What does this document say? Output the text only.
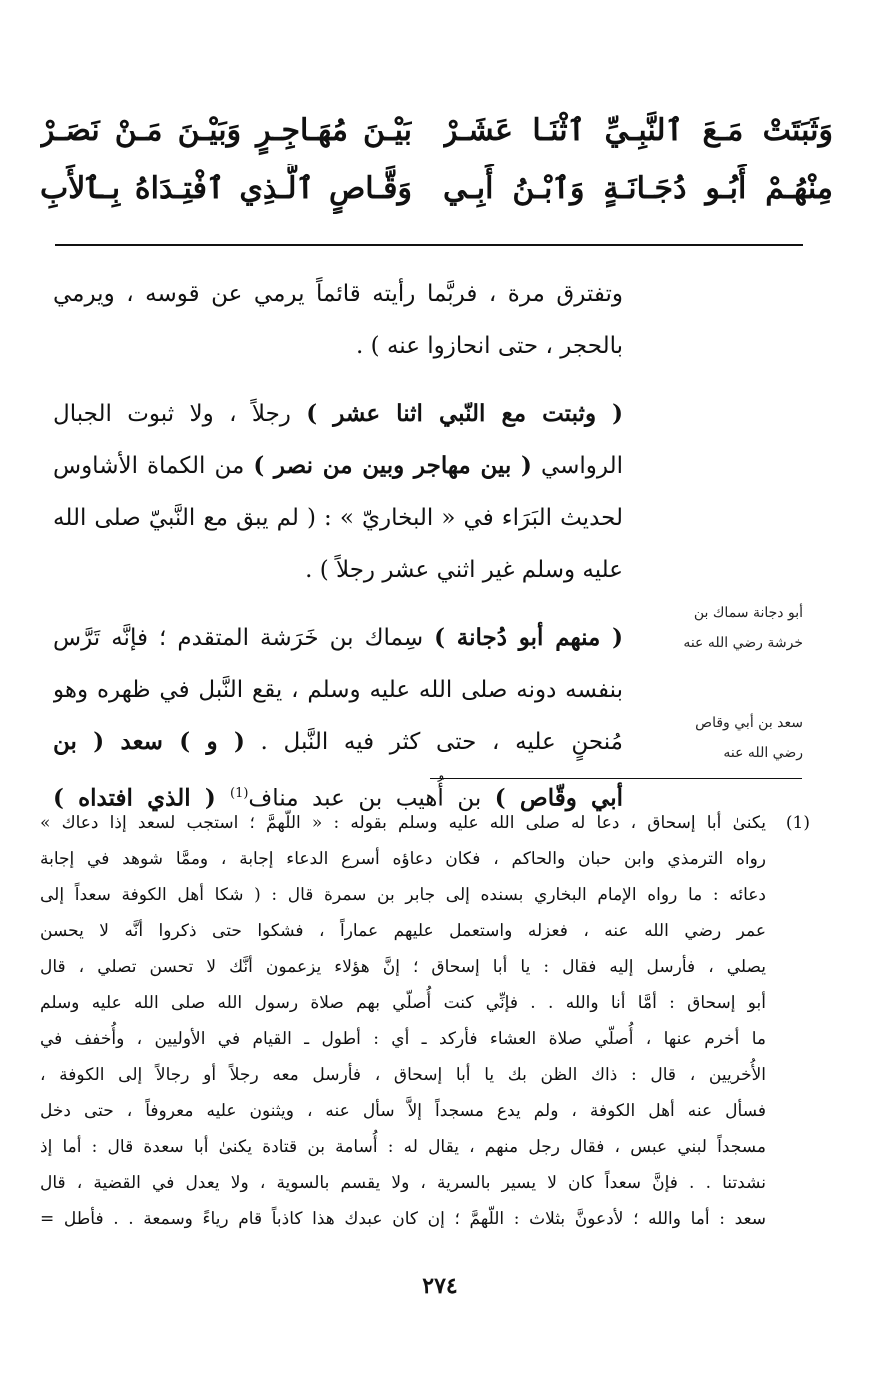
وَثَبَتَتْ مَـعَ ٱلنَّبِـيِّ ٱثْنَـا عَشَـرْ
بَيْـنَ مُهَـاجِـرٍ وَبَيْـنَ مَـنْ نَصَـرْ
مِنْهُـمْ أَبُـو دُجَـانَـةٍ وَٱبْـنُ أَبِـي
وَقَّـاصٍ ٱلَّـذِي ٱفْتِـدَاهُ بِـٱلأَبِ

وتفترق مرة ، فربَّما رأيته قائماً يرمي عن قوسه ، ويرمي
بالحجر ، حتى انحازوا عنه ) .

( وثبتت مع النّبي اثنا عشر ) رجلاً ، ولا ثبوت الجبال
الرواسي ( بين مهاجر وبين من نصر ) من الكماة الأشاوس
لحديث البَرَاء في « البخاريّ » : ( لم يبق مع النَّبيّ صلى الله
عليه وسلم غير اثني عشر رجلاً ) .

( منهم أبو دُجانة ) سِماك بن خَرَشة المتقدم ؛ فإنَّه تَرَّس
بنفسه دونه صلى الله عليه وسلم ، يقع النَّبل في ظهره وهو
مُنحنٍ عليه ، حتى كثر فيه النَّبل . ( و ) سعد ( بن
أبي وقّاص ) بن أُهيب بن عبد مناف$^{(1)}$ ( الذي افتداه )

أبو دجانة سماك بن
خرشة رضي الله عنه
سعد بن أبي وقاص
رضي الله عنه
(1)
يكنىٰ أبا إسحاق ، دعا له صلى الله عليه وسلم بقوله : « اللّهمَّ ؛ استجب لسعد إذا دعاك »
رواه الترمذي وابن حبان والحاكم ، فكان دعاؤه أسرع الدعاء إجابة ، وممَّا شوهد في إجابة
دعائه : ما رواه الإمام البخاري بسنده إلى جابر بن سمرة قال : ( شكا أهل الكوفة سعداً إلى
عمر رضي الله عنه ، فعزله واستعمل عليهم عماراً ، فشكوا حتى ذكروا أنَّه لا يحسن
يصلي ، فأرسل إليه فقال : يا أبا إسحاق ؛ إنَّ هؤلاء يزعمون أنَّك لا تحسن تصلي ، قال
أبو إسحاق : أمَّا أنا والله . . فإنِّي كنت أُصلّي بهم صلاة رسول الله صلى الله عليه وسلم
ما أخرم عنها ، أُصلّي صلاة العشاء فأركد ـ أي : أطول ـ القيام في الأوليين ، وأُخفف في
الأُخريين ، قال : ذاك الظن بك يا أبا إسحاق ، فأرسل معه رجلاً أو رجالاً إلى الكوفة ،
فسأل عنه أهل الكوفة ، ولم يدع مسجداً إلاَّ سأل عنه ، ويثنون عليه معروفاً ، حتى دخل
مسجداً لبني عبس ، فقال رجل منهم ، يقال له : أُسامة بن قتادة يكنىٰ أبا سعدة قال : أما إذ
نشدتنا . . فإنَّ سعداً كان لا يسير بالسرية ، ولا يقسم بالسوية ، ولا يعدل في القضية ، قال
سعد : أما والله ؛ لأدعونَّ بثلاث : اللّهمَّ ؛ إن كان عبدك هذا كاذباً قام رياءً وسمعة . . فأطل =
٢٧٤
